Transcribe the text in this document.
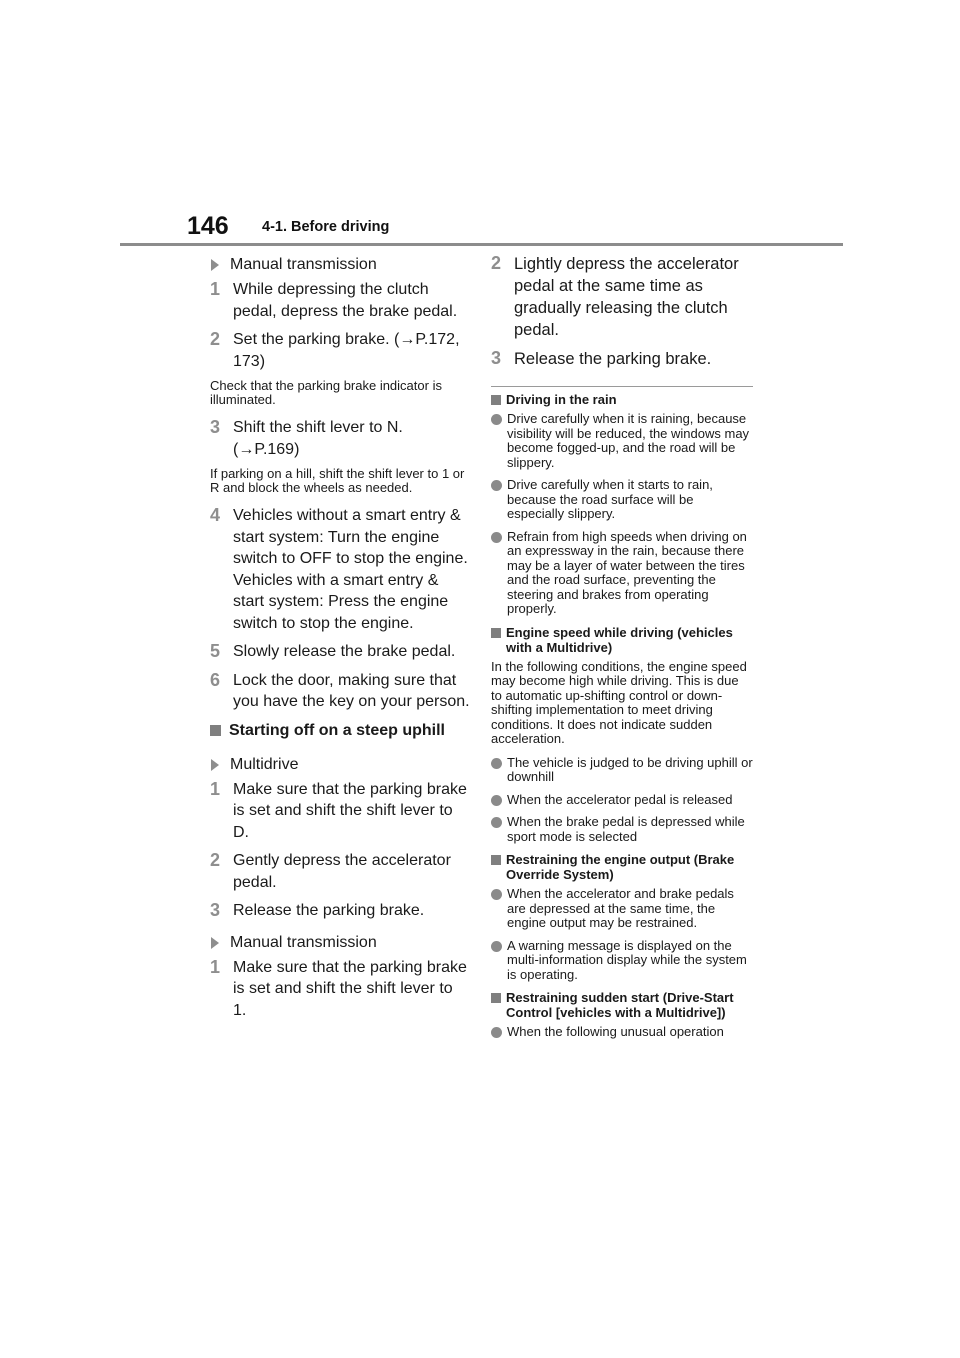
146 4-1. Before driving
Manual transmission
1 While depressing the clutch pedal, depress the brake pedal.
2 Set the parking brake. (→P.172, 173)
Check that the parking brake indicator is illuminated.
3 Shift the shift lever to N. (→P.169)
If parking on a hill, shift the shift lever to 1 or R and block the wheels as needed.
4 Vehicles without a smart entry & start system: Turn the engine switch to OFF to stop the engine.
Vehicles with a smart entry & start system: Press the engine switch to stop the engine.
5 Slowly release the brake pedal.
6 Lock the door, making sure that you have the key on your person.
Starting off on a steep uphill
Multidrive
1 Make sure that the parking brake is set and shift the shift lever to D.
2 Gently depress the accelerator pedal.
3 Release the parking brake.
Manual transmission
1 Make sure that the parking brake is set and shift the shift lever to 1.
2 Lightly depress the accelerator pedal at the same time as gradually releasing the clutch pedal.
3 Release the parking brake.
Driving in the rain
Drive carefully when it is raining, because visibility will be reduced, the windows may become fogged-up, and the road will be slippery.
Drive carefully when it starts to rain, because the road surface will be especially slippery.
Refrain from high speeds when driving on an expressway in the rain, because there may be a layer of water between the tires and the road surface, preventing the steering and brakes from operating properly.
Engine speed while driving (vehicles with a Multidrive)
In the following conditions, the engine speed may become high while driving. This is due to automatic up-shifting control or down-shifting implementation to meet driving conditions. It does not indicate sudden acceleration.
The vehicle is judged to be driving uphill or downhill
When the accelerator pedal is released
When the brake pedal is depressed while sport mode is selected
Restraining the engine output (Brake Override System)
When the accelerator and brake pedals are depressed at the same time, the engine output may be restrained.
A warning message is displayed on the multi-information display while the system is operating.
Restraining sudden start (Drive-Start Control [vehicles with a Multidrive])
When the following unusual operation
